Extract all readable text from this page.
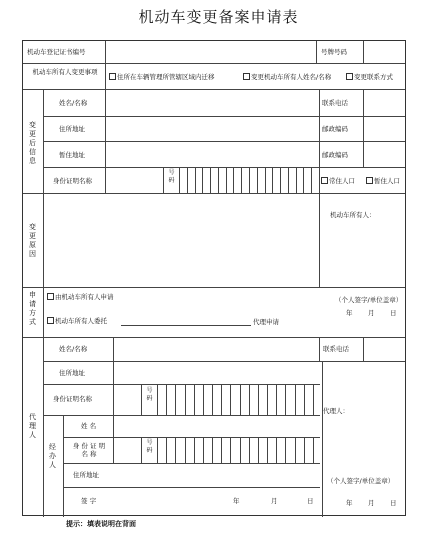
机动车变更备案申请表
机动车登记证书编号	号牌号码
机动车所有人变更事项
住所在车辆管理所管辖区域内迁移	变更机动车所有人姓名/名称	变更联系方式
变更后信息
姓名/名称	联系电话
住所地址	邮政编码
暂住地址	邮政编码
身份证明名称
号码	常住人口	暂住人口
变更原因
机动车所有人：
申请方式
由机动车所有人申请
机动车所有人委托	代理申请
（个人签字/单位盖章）
年 月 日
代理人
姓名/名称	联系电话
住所地址
身份证明名称
号码
代理人：
经办人
姓 名
身 份 证 明 名 称
号码
住所地址
签 字	年	月	日
（个人签字/单位盖章）
年 月 日
提示：填表说明在背面
